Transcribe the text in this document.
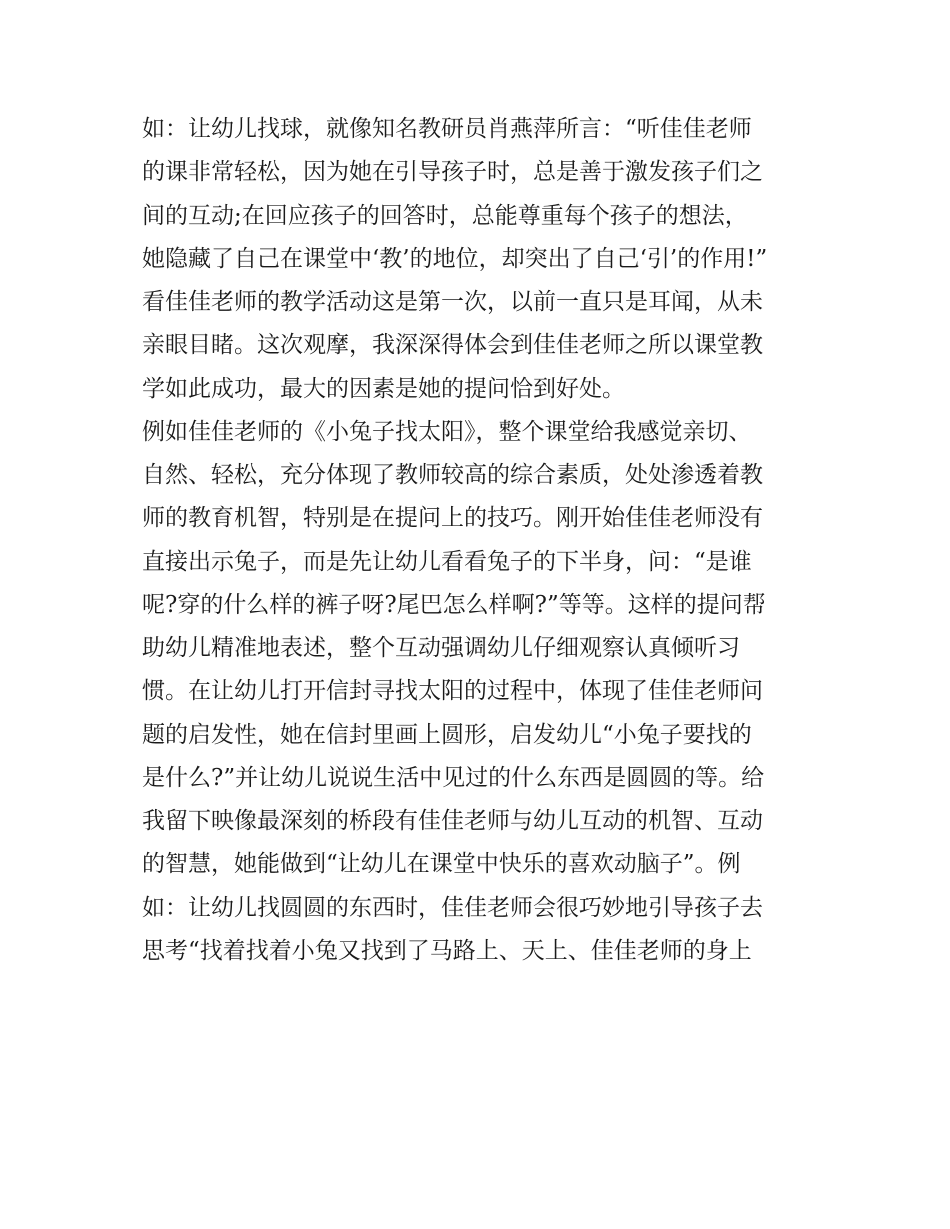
如：让幼儿找球，就像知名教研员肖燕萍所言：“听佳佳老师
的课非常轻松，因为她在引导孩子时，总是善于激发孩子们之
间的互动;在回应孩子的回答时，总能尊重每个孩子的想法，
她隐藏了自己在课堂中‘教’的地位，却突出了自己‘引’的作用!”
看佳佳老师的教学活动这是第一次，以前一直只是耳闻，从未
亲眼目睹。这次观摩，我深深得体会到佳佳老师之所以课堂教
学如此成功，最大的因素是她的提问恰到好处。
例如佳佳老师的《小兔子找太阳》，整个课堂给我感觉亲切、
自然、轻松，充分体现了教师较高的综合素质，处处渗透着教
师的教育机智，特别是在提问上的技巧。刚开始佳佳老师没有
直接出示兔子，而是先让幼儿看看兔子的下半身，问：“是谁
呢?穿的什么样的裤子呀?尾巴怎么样啊?”等等。这样的提问帮
助幼儿精准地表述，整个互动强调幼儿仔细观察认真倾听习
惯。在让幼儿打开信封寻找太阳的过程中，体现了佳佳老师问
题的启发性，她在信封里画上圆形，启发幼儿“小兔子要找的
是什么?”并让幼儿说说生活中见过的什么东西是圆圆的等。给
我留下映像最深刻的桥段有佳佳老师与幼儿互动的机智、互动
的智慧，她能做到“让幼儿在课堂中快乐的喜欢动脑子”。例
如：让幼儿找圆圆的东西时，佳佳老师会很巧妙地引导孩子去
思考“找着找着小兔又找到了马路上、天上、佳佳老师的身上
